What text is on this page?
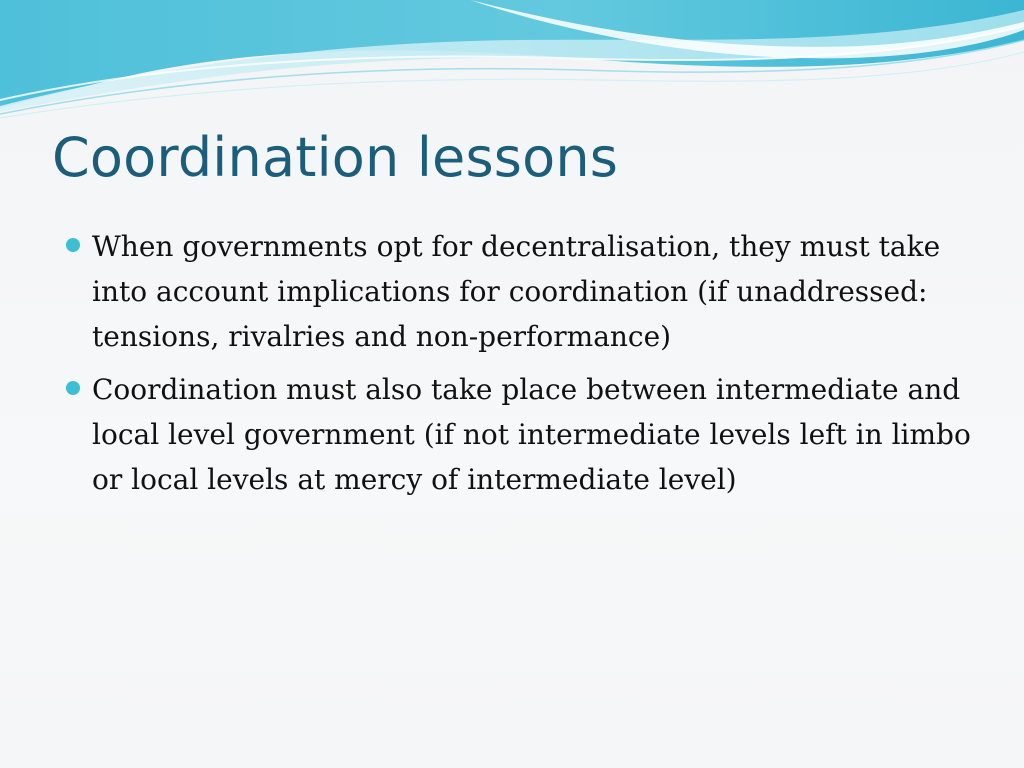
Coordination lessons
When governments opt for decentralisation, they must take into account implications for coordination (if unaddressed: tensions, rivalries and non-performance)
Coordination must also take place between intermediate and local level government (if not intermediate levels left in limbo or local levels at mercy of intermediate level)
